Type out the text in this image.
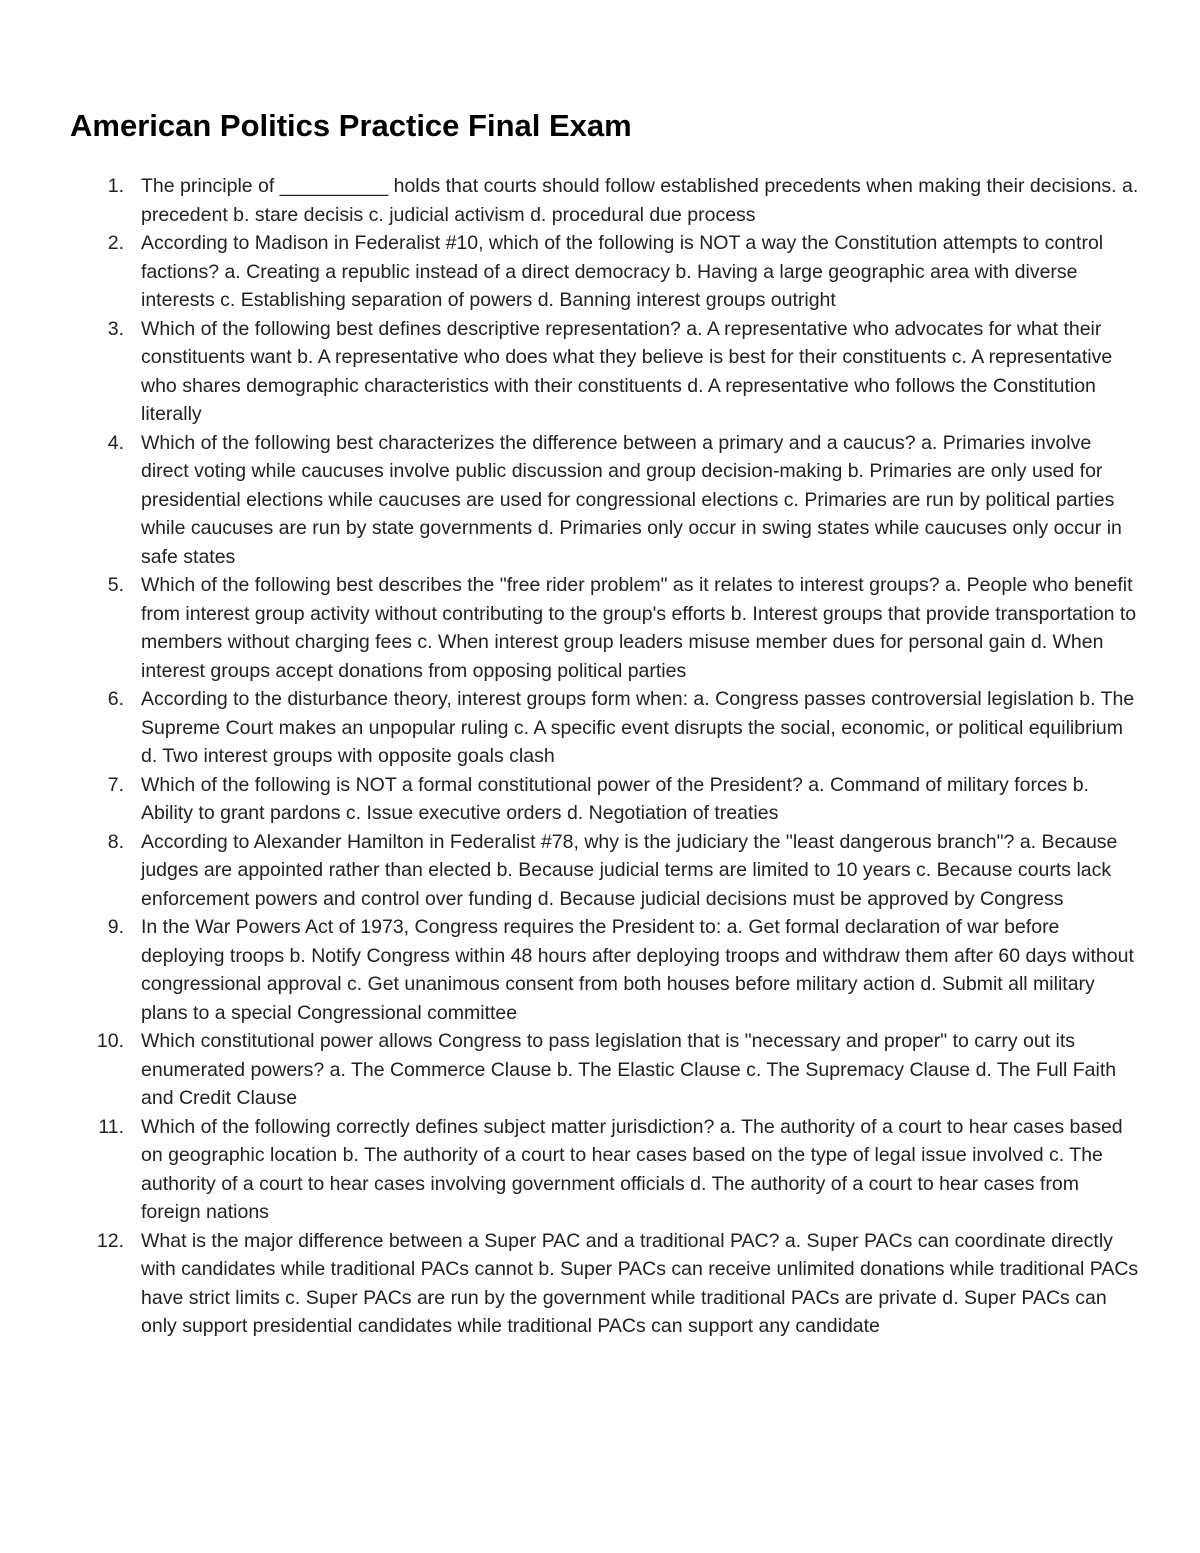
American Politics Practice Final Exam
1. The principle of __________ holds that courts should follow established precedents when making their decisions. a. precedent b. stare decisis c. judicial activism d. procedural due process
2. According to Madison in Federalist #10, which of the following is NOT a way the Constitution attempts to control factions? a. Creating a republic instead of a direct democracy b. Having a large geographic area with diverse interests c. Establishing separation of powers d. Banning interest groups outright
3. Which of the following best defines descriptive representation? a. A representative who advocates for what their constituents want b. A representative who does what they believe is best for their constituents c. A representative who shares demographic characteristics with their constituents d. A representative who follows the Constitution literally
4. Which of the following best characterizes the difference between a primary and a caucus? a. Primaries involve direct voting while caucuses involve public discussion and group decision-making b. Primaries are only used for presidential elections while caucuses are used for congressional elections c. Primaries are run by political parties while caucuses are run by state governments d. Primaries only occur in swing states while caucuses only occur in safe states
5. Which of the following best describes the "free rider problem" as it relates to interest groups? a. People who benefit from interest group activity without contributing to the group's efforts b. Interest groups that provide transportation to members without charging fees c. When interest group leaders misuse member dues for personal gain d. When interest groups accept donations from opposing political parties
6. According to the disturbance theory, interest groups form when: a. Congress passes controversial legislation b. The Supreme Court makes an unpopular ruling c. A specific event disrupts the social, economic, or political equilibrium d. Two interest groups with opposite goals clash
7. Which of the following is NOT a formal constitutional power of the President? a. Command of military forces b. Ability to grant pardons c. Issue executive orders d. Negotiation of treaties
8. According to Alexander Hamilton in Federalist #78, why is the judiciary the "least dangerous branch"? a. Because judges are appointed rather than elected b. Because judicial terms are limited to 10 years c. Because courts lack enforcement powers and control over funding d. Because judicial decisions must be approved by Congress
9. In the War Powers Act of 1973, Congress requires the President to: a. Get formal declaration of war before deploying troops b. Notify Congress within 48 hours after deploying troops and withdraw them after 60 days without congressional approval c. Get unanimous consent from both houses before military action d. Submit all military plans to a special Congressional committee
10. Which constitutional power allows Congress to pass legislation that is "necessary and proper" to carry out its enumerated powers? a. The Commerce Clause b. The Elastic Clause c. The Supremacy Clause d. The Full Faith and Credit Clause
11. Which of the following correctly defines subject matter jurisdiction? a. The authority of a court to hear cases based on geographic location b. The authority of a court to hear cases based on the type of legal issue involved c. The authority of a court to hear cases involving government officials d. The authority of a court to hear cases from foreign nations
12. What is the major difference between a Super PAC and a traditional PAC? a. Super PACs can coordinate directly with candidates while traditional PACs cannot b. Super PACs can receive unlimited donations while traditional PACs have strict limits c. Super PACs are run by the government while traditional PACs are private d. Super PACs can only support presidential candidates while traditional PACs can support any candidate
